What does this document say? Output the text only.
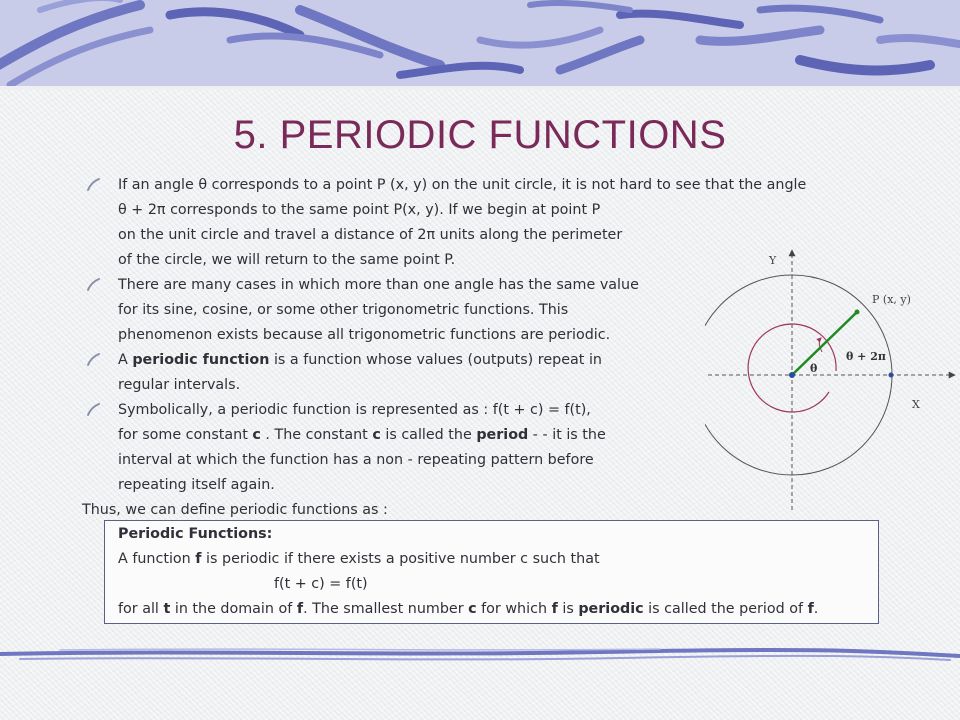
5. PERIODIC FUNCTIONS
If an angle θ corresponds to a point P (x, y) on the unit circle, it is not hard to see that the angle
θ + 2π corresponds to the same point P(x, y). If we begin at point P
on the unit circle and travel a distance of 2π units along the perimeter
of the circle, we will return to the same point P.
There are many cases in which more than one angle has the same value
for its sine, cosine, or some other trigonometric functions. This
phenomenon exists because all trigonometric functions are periodic.
A periodic function is a function whose values (outputs) repeat in
regular intervals.
Symbolically, a periodic function is represented as : f(t + c) = f(t),
for some constant c . The constant c is called the period - - it is the
interval at which the function has a non - repeating pattern before
repeating itself again.
Thus, we can define periodic functions as :
Y
X
P (x, y)
θ
θ + 2π
Periodic Functions:
A function f is periodic if there exists a positive number c such that
f(t + c) = f(t)
for all t in the domain of f. The smallest number c for which f is periodic is called the period of f.
